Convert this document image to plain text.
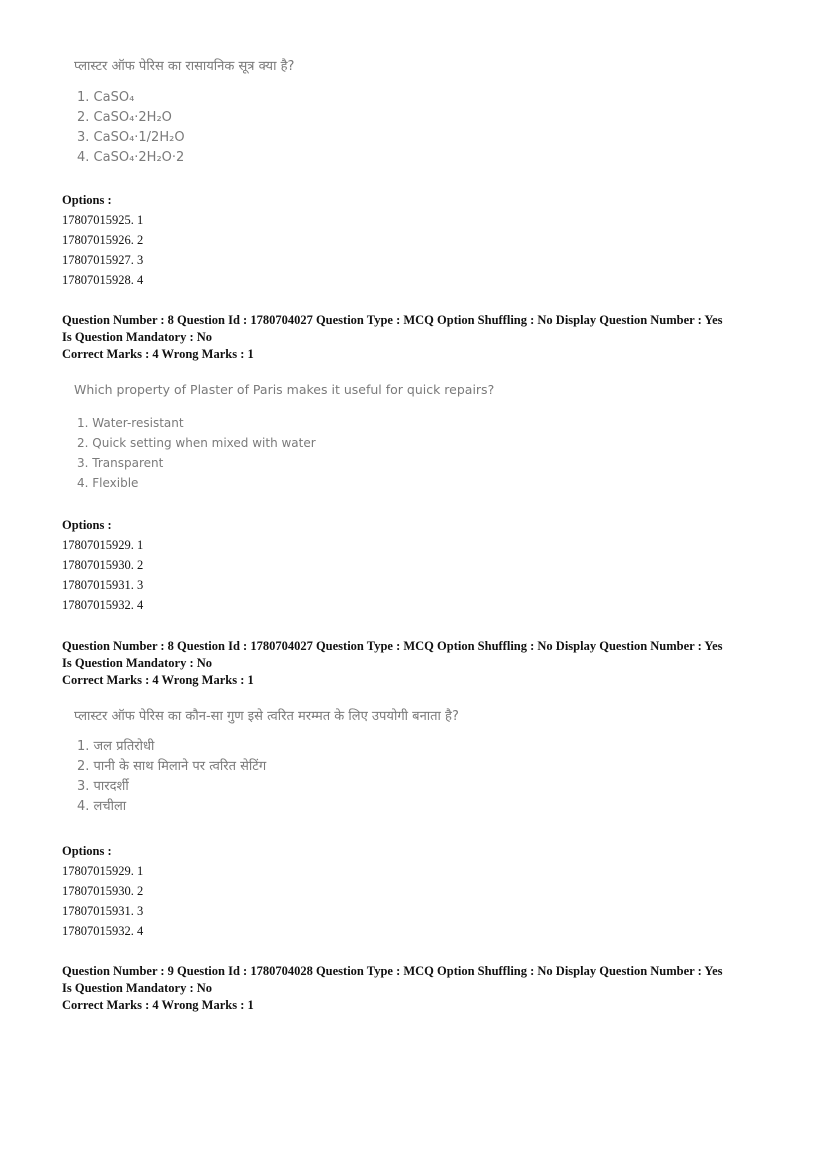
प्लास्टर ऑफ पेरिस का रासायनिक सूत्र क्या है?
1. CaSO₄
2. CaSO₄·2H₂O
3. CaSO₄·1/2H₂O
4. CaSO₄·2H₂O·2
Options :
17807015925. 1
17807015926. 2
17807015927. 3
17807015928. 4
Question Number : 8 Question Id : 1780704027 Question Type : MCQ Option Shuffling : No Display Question Number : Yes
Is Question Mandatory : No
Correct Marks : 4 Wrong Marks : 1
Which property of Plaster of Paris makes it useful for quick repairs?
1. Water-resistant
2. Quick setting when mixed with water
3. Transparent
4. Flexible
Options :
17807015929. 1
17807015930. 2
17807015931. 3
17807015932. 4
Question Number : 8 Question Id : 1780704027 Question Type : MCQ Option Shuffling : No Display Question Number : Yes
Is Question Mandatory : No
Correct Marks : 4 Wrong Marks : 1
प्लास्टर ऑफ पेरिस का कौन-सा गुण इसे त्वरित मरम्मत के लिए उपयोगी बनाता है?
1. जल प्रतिरोधी
2. पानी के साथ मिलाने पर त्वरित सेटिंग
3. पारदर्शी
4. लचीला
Options :
17807015929. 1
17807015930. 2
17807015931. 3
17807015932. 4
Question Number : 9 Question Id : 1780704028 Question Type : MCQ Option Shuffling : No Display Question Number : Yes
Is Question Mandatory : No
Correct Marks : 4 Wrong Marks : 1
